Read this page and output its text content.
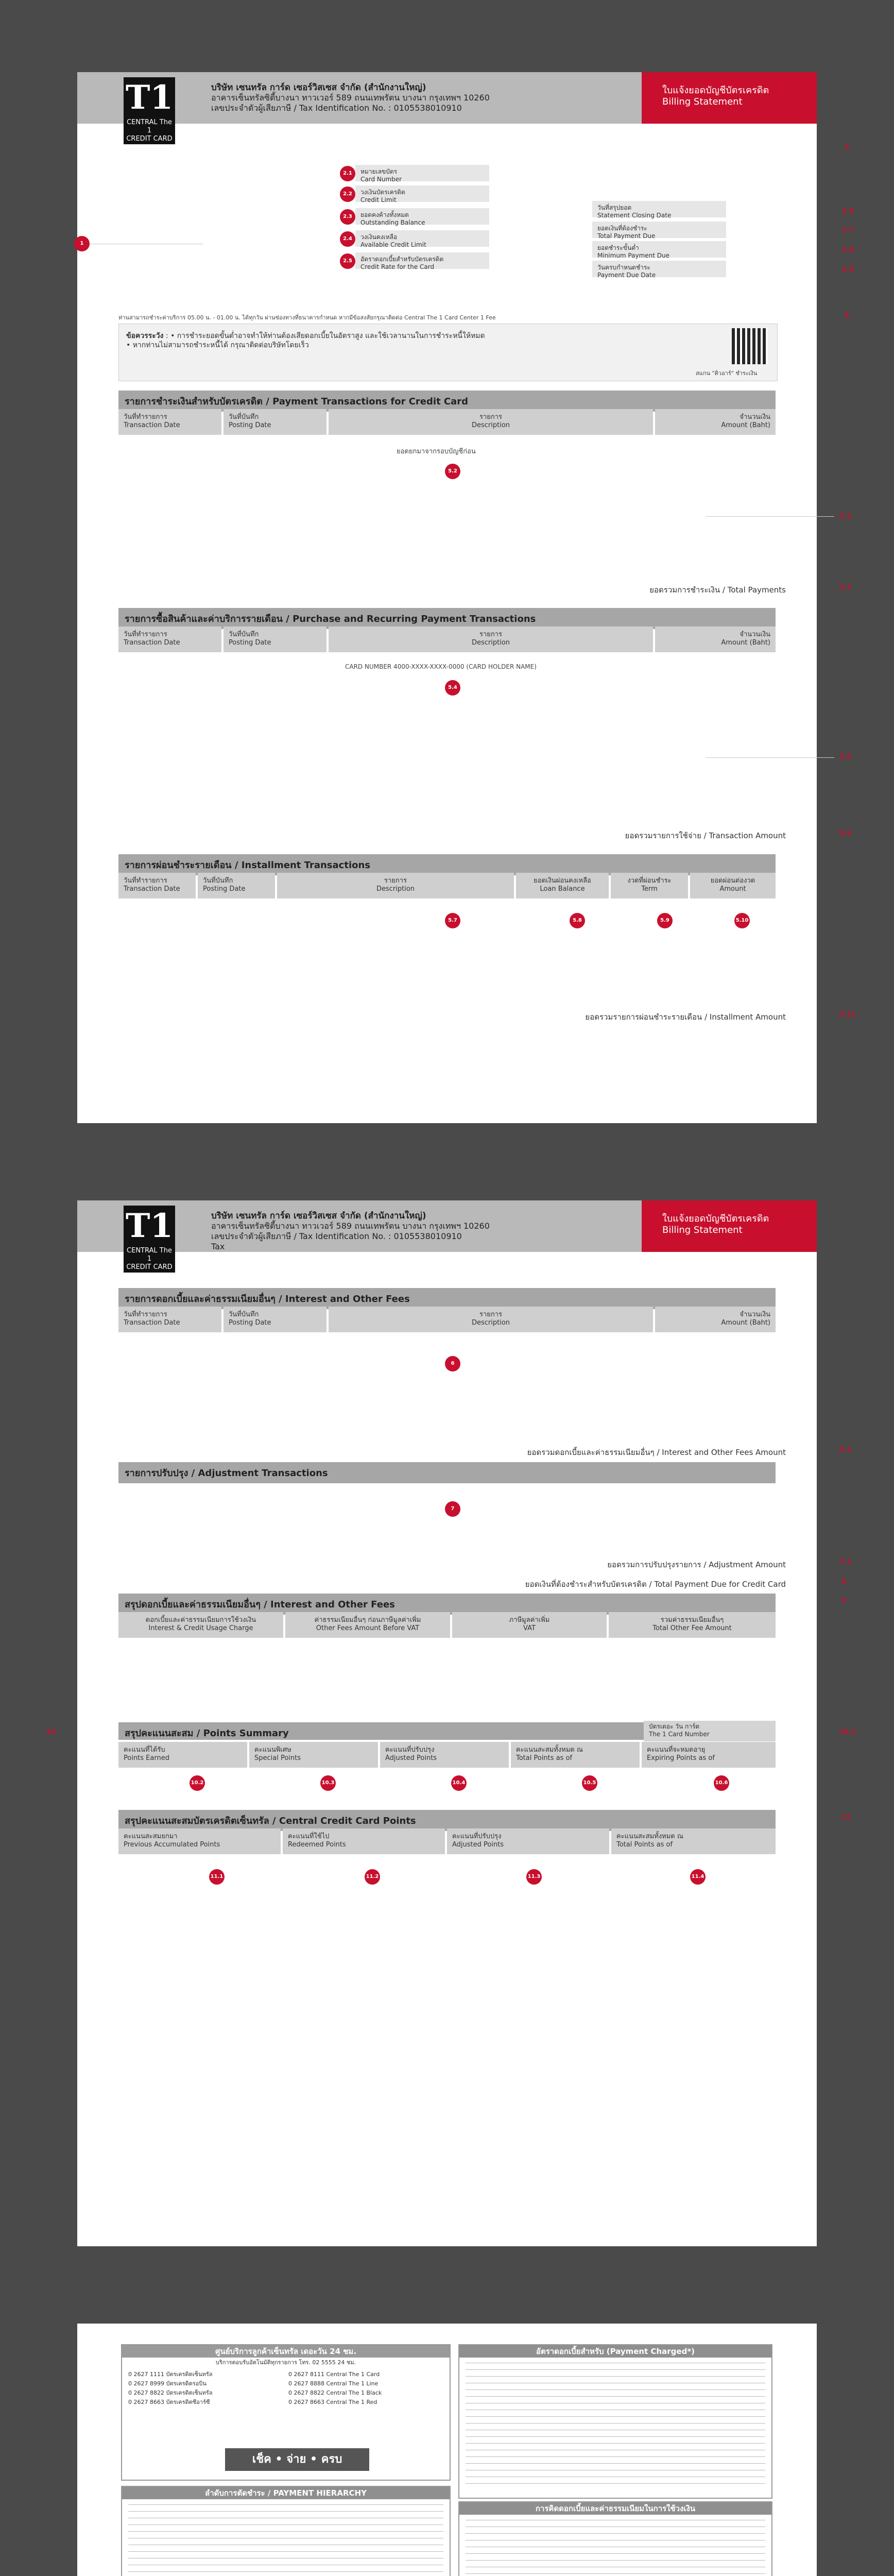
T1
CENTRAL The 1
CREDIT CARD
บริษัท เซนทรัล การ์ด เซอร์วิสเซส จำกัด (สำนักงานใหญ่)
อาคารเซ็นทรัลซิตี้บางนา ทาวเวอร์ 589 ถนนเทพรัตน บางนา กรุงเทพฯ 10260
เลขประจำตัวผู้เสียภาษี / Tax Identification No. : 0105538010910
ใบแจ้งยอดบัญชีบัตรเครดิต
Billing Statement
1
หมายเลขบัตร
Card Number
วงเงินบัตรเครดิต
Credit Limit
ยอดคงค้างทั้งหมด
Outstanding Balance
วงเงินคงเหลือ
Available Credit Limit
อัตราดอกเบี้ยสำหรับบัตรเครดิต
Credit Rate for the Card
2.1
2.2
2.3
2.4
2.5
วันที่สรุปยอด
Statement Closing Date
ยอดเงินที่ต้องชำระ
Total Payment Due
ยอดชำระขั้นต่ำ
Minimum Payment Due
วันครบกำหนดชำระ
Payment Due Date
2.6
2.7
2.8
2.9
3
4
ท่านสามารถชำระค่าบริการ 05.00 น. - 01.00 น. ได้ทุกวัน ผ่านช่องทางที่ธนาคารกำหนด หากมีข้อสงสัยกรุณาติดต่อ Central The 1 Card Center 1 Fee
ข้อควรระวัง : • การชำระยอดขั้นต่ำอาจทำให้ท่านต้องเสียดอกเบี้ยในอัตราสูง และใช้เวลานานในการชำระหนี้ให้หมด
• หากท่านไม่สามารถชำระหนี้ได้ กรุณาติดต่อบริษัทโดยเร็ว
สแกน "คิวอาร์" ชำระเงิน
รายการชำระเงินสำหรับบัตรเครดิต / Payment Transactions for Credit Card
วันที่ทำรายการ
Transaction Date
วันที่บันทึก
Posting Date
รายการ
Description
จำนวนเงิน
Amount (Baht)
ยอดยกมาจากรอบบัญชีก่อน
5.2
5.1
ยอดรวมการชำระเงิน / Total Payments	5.3
รายการซื้อสินค้าและค่าบริการรายเดือน / Purchase and Recurring Payment Transactions
วันที่ทำรายการ
Transaction Date
วันที่บันทึก
Posting Date
รายการ
Description
จำนวนเงิน
Amount (Baht)
CARD NUMBER 4000-XXXX-XXXX-0000 (CARD HOLDER NAME)
5.4
5.5
ยอดรวมรายการใช้จ่าย / Transaction Amount	5.6
รายการผ่อนชำระรายเดือน / Installment Transactions
วันที่ทำรายการ
Transaction Date
วันที่บันทึก
Posting Date
รายการ
Description
ยอดเงินผ่อนคงเหลือ
Loan Balance
งวดที่ผ่อนชำระ
Term
ยอดผ่อนต่องวด
Amount
5.7	5.8	5.9	5.10
ยอดรวมรายการผ่อนชำระรายเดือน / Installment Amount	5.11
T1
CENTRAL The 1
CREDIT CARD
บริษัท เซนทรัล การ์ด เซอร์วิสเซส จำกัด (สำนักงานใหญ่)
อาคารเซ็นทรัลซิตี้บางนา ทาวเวอร์ 589 ถนนเทพรัตน บางนา กรุงเทพฯ 10260
เลขประจำตัวผู้เสียภาษี / Tax Identification No. : 0105538010910
Tax
ใบแจ้งยอดบัญชีบัตรเครดิต
Billing Statement
รายการดอกเบี้ยและค่าธรรมเนียมอื่นๆ / Interest and Other Fees
วันที่ทำรายการ
Transaction Date
วันที่บันทึก
Posting Date
รายการ
Description
จำนวนเงิน
Amount (Baht)
6
ยอดรวมดอกเบี้ยและค่าธรรมเนียมอื่นๆ / Interest and Other Fees Amount	6.1
รายการปรับปรุง / Adjustment Transactions
7
ยอดรวมการปรับปรุงรายการ / Adjustment Amount	7.1
ยอดเงินที่ต้องชำระสำหรับบัตรเครดิต / Total Payment Due for Credit Card	8
สรุปดอกเบี้ยและค่าธรรมเนียมอื่นๆ / Interest and Other Fees	9
ดอกเบี้ยและค่าธรรมเนียมการใช้วงเงิน
Interest & Credit Usage Charge
ค่าธรรมเนียมอื่นๆ ก่อนภาษีมูลค่าเพิ่ม
Other Fees Amount Before VAT
ภาษีมูลค่าเพิ่ม
VAT
รวมค่าธรรมเนียมอื่นๆ
Total Other Fee Amount
10	สรุปคะแนนสะสม / Points Summary
บัตรเดอะ วัน การ์ด
The 1 Card Number	10.1
คะแนนที่ได้รับ
Points Earned
คะแนนพิเศษ
Special Points
คะแนนที่ปรับปรุง
Adjusted Points
คะแนนสะสมทั้งหมด ณ
Total Points as of
คะแนนที่จะหมดอายุ
Expiring Points as of
10.2	10.3	10.4	10.5	10.6
สรุปคะแนนสะสมบัตรเครดิตเซ็นทรัล / Central Credit Card Points	11
คะแนนสะสมยกมา
Previous Accumulated Points
คะแนนที่ใช้ไป
Redeemed Points
คะแนนที่ปรับปรุง
Adjusted Points
คะแนนสะสมทั้งหมด ณ
Total Points as of
11.1	11.2	11.3	11.4
ศูนย์บริการลูกค้าเซ็นทรัล เดอะวัน 24 ชม.
บริการตอบรับอัตโนมัติทุกรายการ โทร. 02 5555 24 ชม.
0 2627 1111 บัตรเครดิตเซ็นทรัล	0 2627 8111 Central The 1 Card
0 2627 8999 บัตรเครดิตรอบิน	0 2627 8888 Central The 1 Line
0 2627 8822 บัตรเครดิตเซ็นทรัล	0 2627 8822 Central The 1 Black
0 2627 8663 บัตรเครดิตซีอาร์ซี	0 2627 8663 Central The 1 Red
เช็ค • จ่าย • ครบ
ลำดับการตัดชำระ / PAYMENT HIERARCHY
อัตราดอกเบี้ยสำหรับ (Payment Charged*)
การคิดดอกเบี้ยและค่าธรรมเนียมในการใช้วงเงิน
